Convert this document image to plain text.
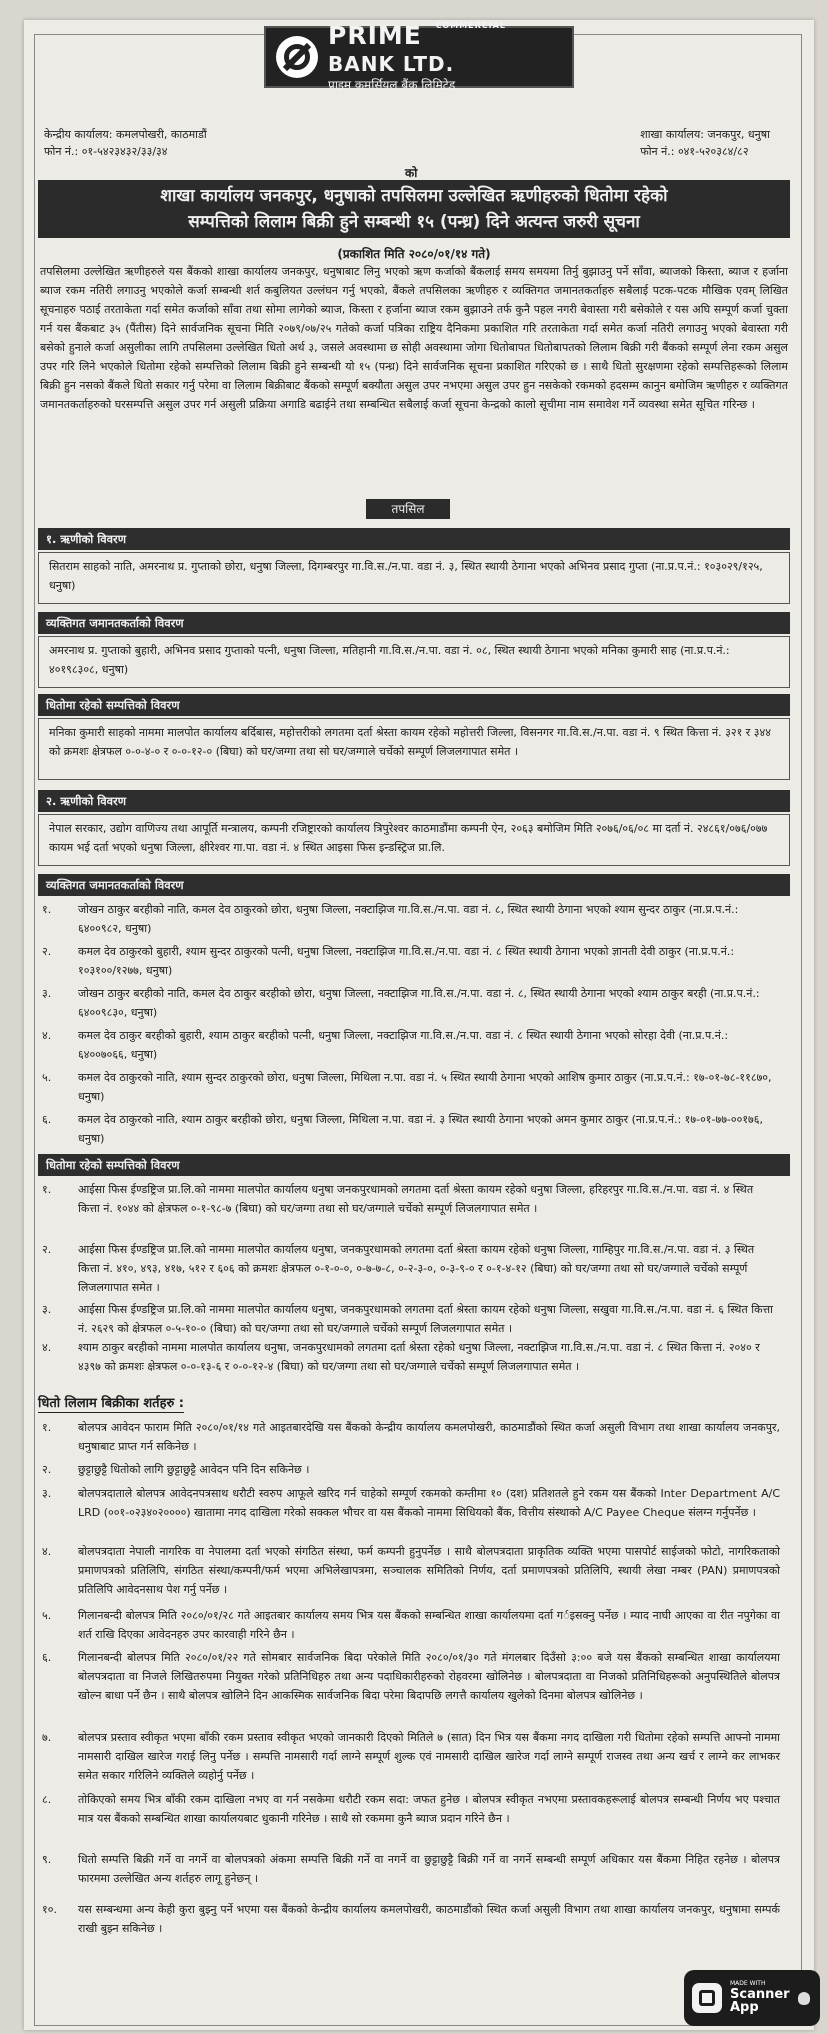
PRIME $^{COMMERCIAL}$ BANK LTD.
प्राइम कमर्सियल बैंक लिमिटेड
केन्द्रीय कार्यालय: कमलपोखरी, काठमाडौं
फोन नं.: ०१-५४२३४३२/३३/३४
शाखा कार्यालय: जनकपुर, धनुषा
फोन नं.: ०४१-५२०३८४/८२
को
शाखा कार्यालय जनकपुर, धनुषाको तपसिलमा उल्लेखित ऋणीहरुको धितोमा रहेको
सम्पत्तिको लिलाम बिक्री हुने सम्बन्धी १५ (पन्ध्र) दिने अत्यन्त जरुरी सूचना
(प्रकाशित मिति २०८०/०१/१४ गते)
तपसिलमा उल्लेखित ऋणीहरुले यस बैंकको शाखा कार्यालय जनकपुर, धनुषाबाट लिनु भएको ऋण कर्जाको बैंकलाई समय समयमा तिर्नु बुझाउनु पर्ने साँवा, ब्याजको किस्ता, ब्याज र हर्जाना ब्याज रकम नतिरी लगाउनु भएकोले कर्जा सम्बन्धी शर्त कबुलियत उल्लंघन गर्नु भएको, बैंकले तपसिलका ऋणीहरु र व्यक्तिगत जमानतकर्ताहरु सबैलाई पटक-पटक मौखिक एवम् लिखित सूचनाहरु पठाई तरताकेता गर्दा समेत कर्जाको साँवा तथा सोमा लागेको ब्याज, किस्ता र हर्जाना ब्याज रकम बुझाउने तर्फ कुनै पहल नगरी बेवास्ता गरी बसेकोले र यस अघि सम्पूर्ण कर्जा चुक्ता गर्न यस बैंकबाट ३५ (पैंतीस) दिने सार्वजनिक सूचना मिति २०७९/०७/२५ गतेको कर्जा पत्रिका राष्ट्रिय दैनिकमा प्रकाशित गरि तरताकेता गर्दा समेत कर्जा नतिरी लगाउनु भएको बेवास्ता गरी बसेको हुनाले कर्जा असुलीका लागि तपसिलमा उल्लेखित धितो अर्थ ३, जसले अवस्थामा छ सोही अवस्थामा जोगा धितोबापत धितोबापतको लिलाम बिक्री गरी बैंकको सम्पूर्ण लेना रकम असुल उपर गरि लिने भएकोले धितोमा रहेको सम्पत्तिको लिलाम बिक्री हुने सम्बन्धी यो १५ (पन्ध्र) दिने सार्वजनिक सूचना प्रकाशित गरिएको छ । साथै धितो सुरक्षणमा रहेको सम्पत्तिहरूको लिलाम बिक्री हुन नसको बैंकले धितो सकार गर्नु परेमा वा लिलाम बिक्रीबाट बैंकको सम्पूर्ण बक्यौता असुल उपर नभएमा असुल उपर हुन नसकेको रकमको हदसम्म कानुन बमोजिम ऋणीहरु र व्यक्तिगत जमानतकर्ताहरुको घरसम्पत्ति असुल उपर गर्न असुली प्रक्रिया अगाडि बढाईने तथा सम्बन्धित सबैलाई कर्जा सूचना केन्द्रको कालो सूचीमा नाम समावेश गर्ने व्यवस्था समेत सूचित गरिन्छ ।
तपसिल
१. ऋणीको विवरण
सितराम साहको नाति, अमरनाथ प्र. गुप्ताको छोरा, धनुषा जिल्ला, दिगम्बरपुर गा.वि.स./न.पा. वडा नं. ३, स्थित स्थायी ठेगाना भएको अभिनव प्रसाद गुप्ता (ना.प्र.प.नं.: १०३०२९/१२५, धनुषा)
व्यक्तिगत जमानतकर्ताको विवरण
अमरनाथ प्र. गुप्ताको बुहारी, अभिनव प्रसाद गुप्ताको पत्नी, धनुषा जिल्ला, मतिहानी गा.वि.स./न.पा. वडा नं. ०८, स्थित स्थायी ठेगाना भएको मनिका कुमारी साह (ना.प्र.प.नं.: ४०१९८३०८, धनुषा)
धितोमा रहेको सम्पत्तिको विवरण
मनिका कुमारी साहको नाममा मालपोत कार्यालय बर्दिबास, महोत्तरीको लगतमा दर्ता श्रेस्ता कायम रहेको महोत्तरी जिल्ला, विसनगर गा.वि.स./न.पा. वडा नं. ९ स्थित कित्ता नं. ३२१ र ३४४ को क्रमशः क्षेत्रफल ०-०-४-० र ०-०-१२-० (बिघा) को घर/जग्गा तथा सो घर/जग्गाले चर्चेको सम्पूर्ण लिजलगापात समेत ।
२. ऋणीको विवरण
नेपाल सरकार, उद्योग वाणिज्य तथा आपूर्ति मन्त्रालय, कम्पनी रजिष्ट्रारको कार्यालय त्रिपुरेश्वर काठमाडौंमा कम्पनी ऐन, २०६३ बमोजिम मिति २०७६/०६/०८ मा दर्ता नं. २४८६१/०७६/०७७ कायम भई दर्ता भएको धनुषा जिल्ला, क्षीरेश्वर गा.पा. वडा नं. ४ स्थित आइसा फिस इन्डस्ट्रिज प्रा.लि.
व्यक्तिगत जमानतकर्ताको विवरण
१.	जोखन ठाकुर बरहीको नाति, कमल देव ठाकुरको छोरा, धनुषा जिल्ला, नक्टाझिज गा.वि.स./न.पा. वडा नं. ८, स्थित स्थायी ठेगाना भएको श्याम सुन्दर ठाकुर (ना.प्र.प.नं.: ६४००९८२, धनुषा)
२.	कमल देव ठाकुरको बुहारी, श्याम सुन्दर ठाकुरको पत्नी, धनुषा जिल्ला, नक्टाझिज गा.वि.स./न.पा. वडा नं. ८ स्थित स्थायी ठेगाना भएको ज्ञानती देवी ठाकुर (ना.प्र.प.नं.: १०३१००/१२७७, धनुषा)
३.	जोखन ठाकुर बरहीको नाति, कमल देव ठाकुर बरहीको छोरा, धनुषा जिल्ला, नक्टाझिज गा.वि.स./न.पा. वडा नं. ८, स्थित स्थायी ठेगाना भएको श्याम ठाकुर बरही (ना.प्र.प.नं.: ६४००९८३०, धनुषा)
४.	कमल देव ठाकुर बरहीको बुहारी, श्याम ठाकुर बरहीको पत्नी, धनुषा जिल्ला, नक्टाझिज गा.वि.स./न.पा. वडा नं. ८ स्थित स्थायी ठेगाना भएको सोरहा देवी (ना.प्र.प.नं.: ६४००७०६६, धनुषा)
५.	कमल देव ठाकुरको नाति, श्याम सुन्दर ठाकुरको छोरा, धनुषा जिल्ला, मिथिला न.पा. वडा नं. ५ स्थित स्थायी ठेगाना भएको आशिष कुमार ठाकुर (ना.प्र.प.नं.: १७-०१-७८-११८७०, धनुषा)
६.	कमल देव ठाकुरको नाति, श्याम ठाकुर बरहीको छोरा, धनुषा जिल्ला, मिथिला न.पा. वडा नं. ३ स्थित स्थायी ठेगाना भएको अमन कुमार ठाकुर (ना.प्र.प.नं.: १७-०१-७७-००१७६, धनुषा)
धितोमा रहेको सम्पत्तिको विवरण
१.	आईसा फिस ईण्डष्ट्रिज प्रा.लि.को नाममा मालपोत कार्यालय धनुषा जनकपुरधामको लगतमा दर्ता श्रेस्ता कायम रहेको धनुषा जिल्ला, हरिहरपुर गा.वि.स./न.पा. वडा नं. ४ स्थित कित्ता नं. १०४४ को क्षेत्रफल ०-१-९८-७ (बिघा) को घर/जग्गा तथा सो घर/जग्गाले चर्चेको सम्पूर्ण लिजलगापात समेत ।
२.	आईसा फिस ईण्डष्ट्रिज प्रा.लि.को नाममा मालपोत कार्यालय धनुषा, जनकपुरधामको लगतमा दर्ता श्रेस्ता कायम रहेको धनुषा जिल्ला, गाम्हिपुर गा.वि.स./न.पा. वडा नं. ३ स्थित कित्ता नं. ४१०, ४९३, ४१७, ५१२ र ६०६ को क्रमशः क्षेत्रफल ०-१-०-०, ०-७-७-८, ०-२-३-०, ०-३-९-० र ०-१-४-१२ (बिघा) को घर/जग्गा तथा सो घर/जग्गाले चर्चेको सम्पूर्ण लिजलगापात समेत ।
३.	आईसा फिस ईण्डष्ट्रिज प्रा.लि.को नाममा मालपोत कार्यालय धनुषा, जनकपुरधामको लगतमा दर्ता श्रेस्ता कायम रहेको धनुषा जिल्ला, सखुवा गा.वि.स./न.पा. वडा नं. ६ स्थित कित्ता नं. २६२९ को क्षेत्रफल ०-५-१०-० (बिघा) को घर/जग्गा तथा सो घर/जग्गाले चर्चेको सम्पूर्ण लिजलगापात समेत ।
४.	श्याम ठाकुर बरहीको नाममा मालपोत कार्यालय धनुषा, जनकपुरधामको लगतमा दर्ता श्रेस्ता रहेको धनुषा जिल्ला, नक्टाझिज गा.वि.स./न.पा. वडा नं. ८ स्थित कित्ता नं. २०४० र ४३९७ को क्रमशः क्षेत्रफल ०-०-१३-६ र ०-०-१२-४ (बिघा) को घर/जग्गा तथा सो घर/जग्गाले चर्चेको सम्पूर्ण लिजलगापात समेत ।
धितो लिलाम बिक्रीका शर्तहरु :
१.	बोलपत्र आवेदन फाराम मिति २०८०/०१/१४ गते आइतबारदेखि यस बैंकको केन्द्रीय कार्यालय कमलपोखरी, काठमाडौंको स्थित कर्जा असुली विभाग तथा शाखा कार्यालय जनकपुर, धनुषाबाट प्राप्त गर्न सकिनेछ ।
२.	छुट्टाछुट्टै धितोको लागि छुट्टाछुट्टै आवेदन पनि दिन सकिनेछ ।
३.	बोलपत्रदाताले बोलपत्र आवेदनपत्रसाथ धरौटी स्वरुप आफूले खरिद गर्न चाहेको सम्पूर्ण रकमको कम्तीमा १० (दश) प्रतिशतले हुने रकम यस बैंकको Inter Department A/C LRD (००१-०२३४०२००००) खातामा नगद दाखिला गरेको सक्कल भौचर वा यस बैंकको नाममा सिधियको बैंक, वित्तीय संस्थाको A/C Payee Cheque संलग्न गर्नुपर्नेछ ।
४.	बोलपत्रदाता नेपाली नागरिक वा नेपालमा दर्ता भएको संगठित संस्था, फर्म कम्पनी हुनुपर्नेछ । साथै बोलपत्रदाता प्राकृतिक व्यक्ति भएमा पासपोर्ट साईजको फोटो, नागरिकताको प्रमाणपत्रको प्रतिलिपि, संगठित संस्था/कम्पनी/फर्म भएमा अभिलेखापत्रमा, सञ्चालक समितिको निर्णय, दर्ता प्रमाणपत्रको प्रतिलिपि, स्थायी लेखा नम्बर (PAN) प्रमाणपत्रको प्रतिलिपि आवेदनसाथ पेश गर्नु पर्नेछ ।
५.	गिलानबन्दी बोलपत्र मिति २०८०/०१/२८ गते आइतबार कार्यालय समय भित्र यस बैंकको सम्बन्धित शाखा कार्यालयमा दर्ता गर्इसक्नु पर्नेछ । म्याद नाघी आएका वा रीत नपुगेका वा शर्त राखि दिएका आवेदनहरु उपर कारवाही गरिने छैन ।
६.	गिलानबन्दी बोलपत्र मिति २०८०/०१/२२ गते सोमबार सार्वजनिक बिदा परेकोले मिति २०८०/०१/३० गते मंगलबार दिउँसो ३:०० बजे यस बैंकको सम्बन्धित शाखा कार्यालयमा बोलपत्रदाता वा निजले लिखितरुपमा नियुक्त गरेको प्रतिनिधिहरु तथा अन्य पदाधिकारीहरुको रोहवरमा खोलिनेछ । बोलपत्रदाता वा निजको प्रतिनिधिहरूको अनुपस्थितिले बोलपत्र खोल्न बाधा पर्ने छैन । साथै बोलपत्र खोलिने दिन आकस्मिक सार्वजनिक बिदा परेमा बिदापछि लगत्तै कार्यालय खुलेको दिनमा बोलपत्र खोलिनेछ ।
७.	बोलपत्र प्रस्ताव स्वीकृत भएमा बाँकी रकम प्रस्ताव स्वीकृत भएको जानकारी दिएको मितिले ७ (सात) दिन भित्र यस बैंकमा नगद दाखिला गरी धितोमा रहेको सम्पत्ति आफ्नो नाममा नामसारी दाखिल खारेज गराई लिनु पर्नेछ । सम्पत्ति नामसारी गर्दा लाग्ने सम्पूर्ण शुल्क एवं नामसारी दाखिल खारेज गर्दा लाग्ने सम्पूर्ण राजस्व तथा अन्य खर्च र लाग्ने कर लाभकर समेत सकार गरिलिने व्यक्तिले व्यहोर्नु पर्नेछ ।
८.	तोकिएको समय भित्र बाँकी रकम दाखिला नभए वा गर्न नसकेमा धरौटी रकम सदा: जफत हुनेछ । बोलपत्र स्वीकृत नभएमा प्रस्तावकहरूलाई बोलपत्र सम्बन्धी निर्णय भए पश्चात मात्र यस बैंकको सम्बन्धित शाखा कार्यालयबाट धुकानी गरिनेछ । साथै सो रकममा कुनै ब्याज प्रदान गरिने छैन ।
९.	धितो सम्पत्ति बिक्री गर्ने वा नगर्ने वा बोलपत्रको अंकमा सम्पत्ति बिक्री गर्ने वा नगर्ने वा छुट्टाछुट्टै बिक्री गर्ने वा नगर्ने सम्बन्धी सम्पूर्ण अधिकार यस बैंकमा निहित रहनेछ । बोलपत्र फारममा उल्लेखित अन्य शर्तहरु लागू हुनेछन् ।
१०.	यस सम्बन्धमा अन्य केही कुरा बुझ्नु पर्ने भएमा यस बैंकको केन्द्रीय कार्यालय कमलपोखरी, काठमाडौंको स्थित कर्जा असुली विभाग तथा शाखा कार्यालय जनकपुर, धनुषामा सम्पर्क राखी बुझ्न सकिनेछ ।
MADE WITH
Scanner
App
